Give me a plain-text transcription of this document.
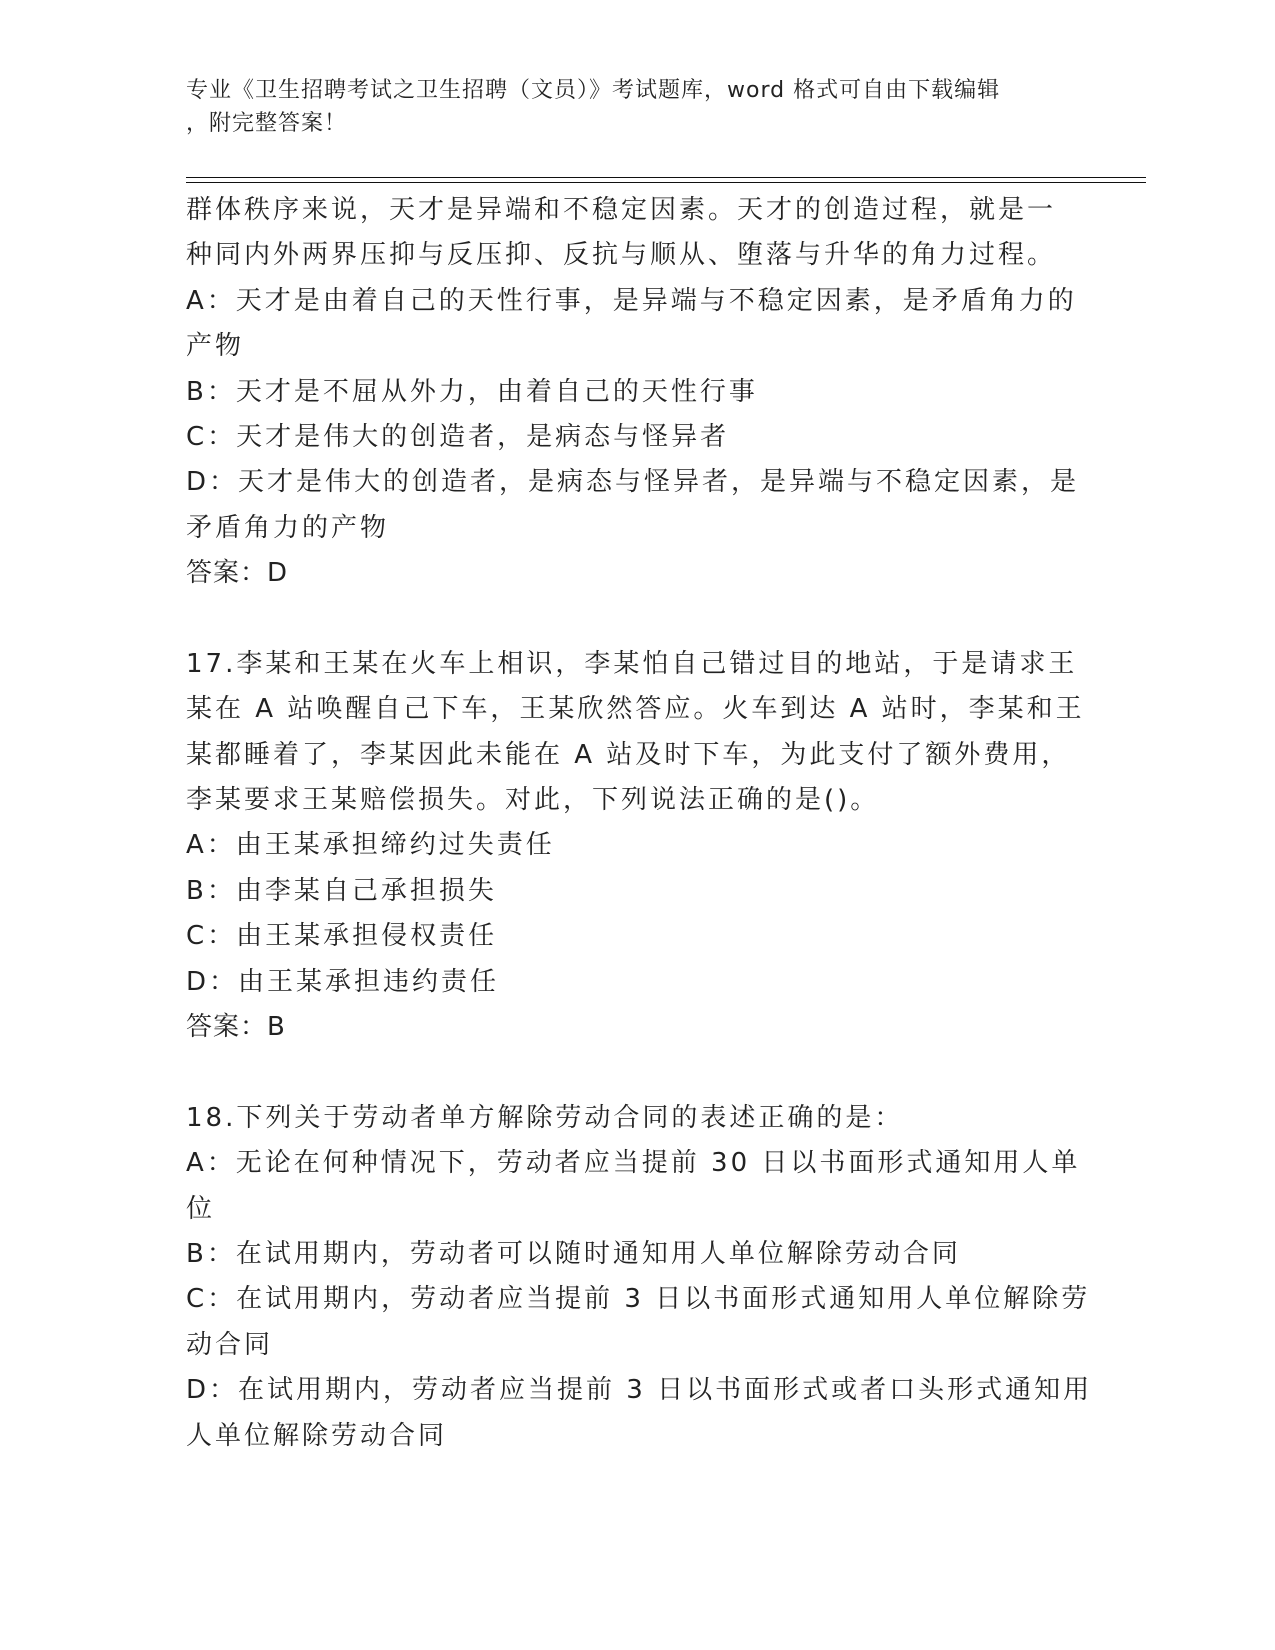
专业《卫生招聘考试之卫生招聘（文员）》考试题库，word 格式可自由下载编辑
，附完整答案！
群体秩序来说，天才是异端和不稳定因素。天才的创造过程，就是一
种同内外两界压抑与反压抑、反抗与顺从、堕落与升华的角力过程。
A：天才是由着自己的天性行事，是异端与不稳定因素，是矛盾角力的
产物
B：天才是不屈从外力，由着自己的天性行事
C：天才是伟大的创造者，是病态与怪异者
D：天才是伟大的创造者，是病态与怪异者，是异端与不稳定因素，是
矛盾角力的产物
答案：D
17.李某和王某在火车上相识，李某怕自己错过目的地站，于是请求王
某在 A 站唤醒自己下车，王某欣然答应。火车到达 A 站时，李某和王
某都睡着了，李某因此未能在 A 站及时下车，为此支付了额外费用，
李某要求王某赔偿损失。对此，下列说法正确的是()。
A：由王某承担缔约过失责任
B：由李某自己承担损失
C：由王某承担侵权责任
D：由王某承担违约责任
答案：B
18.下列关于劳动者单方解除劳动合同的表述正确的是：
A：无论在何种情况下，劳动者应当提前 30 日以书面形式通知用人单
位
B：在试用期内，劳动者可以随时通知用人单位解除劳动合同
C：在试用期内，劳动者应当提前 3 日以书面形式通知用人单位解除劳
动合同
D：在试用期内，劳动者应当提前 3 日以书面形式或者口头形式通知用
人单位解除劳动合同
